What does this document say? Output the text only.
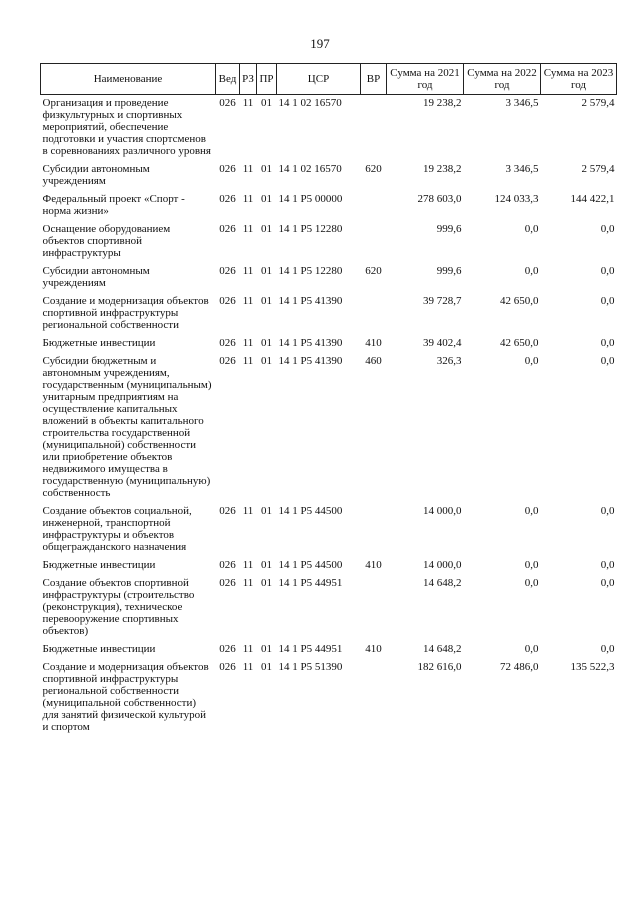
197
Наименование	Вед	РЗ	ПР	ЦСР	ВР	Сумма на 2021 год	Сумма на 2022 год	Сумма на 2023 год
Организация и проведение физкультурных и спортивных мероприятий, обеспечение подготовки и участия спортсменов в соревнованиях различного уровня	026	11	01	14 1 02 16570		19 238,2	3 346,5	2 579,4
Субсидии автономным учреждениям	026	11	01	14 1 02 16570	620	19 238,2	3 346,5	2 579,4
Федеральный проект «Спорт - норма жизни»	026	11	01	14 1 P5 00000		278 603,0	124 033,3	144 422,1
Оснащение оборудованием объектов спортивной инфраструктуры	026	11	01	14 1 P5 12280		999,6	0,0	0,0
Субсидии автономным учреждениям	026	11	01	14 1 P5 12280	620	999,6	0,0	0,0
Создание и модернизация объектов спортивной инфраструктуры региональной собственности	026	11	01	14 1 P5 41390		39 728,7	42 650,0	0,0
Бюджетные инвестиции	026	11	01	14 1 P5 41390	410	39 402,4	42 650,0	0,0
Субсидии бюджетным и автономным учреждениям, государственным (муниципальным) унитарным предприятиям на осуществление капитальных вложений в объекты капитального строительства государственной (муниципальной) собственности или приобретение объектов недвижимого имущества в государственную (муниципальную) собственность	026	11	01	14 1 P5 41390	460	326,3	0,0	0,0
Создание объектов социальной, инженерной, транспортной инфраструктуры и объектов общегражданского назначения	026	11	01	14 1 P5 44500		14 000,0	0,0	0,0
Бюджетные инвестиции	026	11	01	14 1 P5 44500	410	14 000,0	0,0	0,0
Создание объектов спортивной инфраструктуры (строительство (реконструкция), техническое перевооружение спортивных объектов)	026	11	01	14 1 P5 44951		14 648,2	0,0	0,0
Бюджетные инвестиции	026	11	01	14 1 P5 44951	410	14 648,2	0,0	0,0
Создание и модернизация объектов спортивной инфраструктуры региональной собственности (муниципальной собственности) для занятий физической культурой и спортом	026	11	01	14 1 P5 51390		182 616,0	72 486,0	135 522,3
